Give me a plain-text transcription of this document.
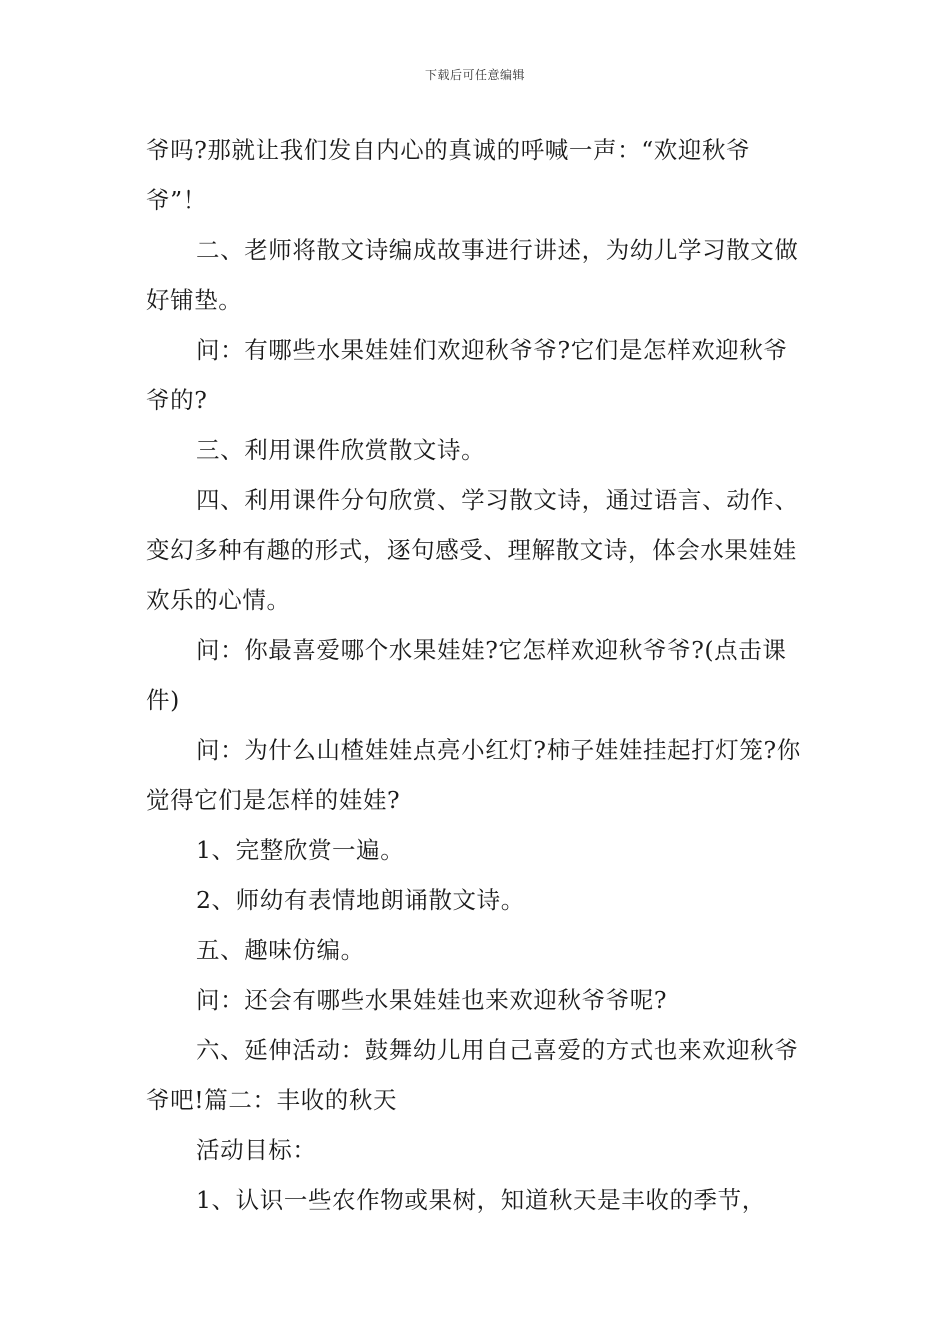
下载后可任意编辑

爷吗?那就让我们发自内心的真诚的呼喊一声：“欢迎秋爷爷”！

二、老师将散文诗编成故事进行讲述，为幼儿学习散文做好铺垫。

问：有哪些水果娃娃们欢迎秋爷爷?它们是怎样欢迎秋爷爷的?

三、利用课件欣赏散文诗。

四、利用课件分句欣赏、学习散文诗，通过语言、动作、变幻多种有趣的形式，逐句感受、理解散文诗，体会水果娃娃欢乐的心情。

问：你最喜爱哪个水果娃娃?它怎样欢迎秋爷爷?(点击课件)

问：为什么山楂娃娃点亮小红灯?柿子娃娃挂起打灯笼?你觉得它们是怎样的娃娃?

1、完整欣赏一遍。

2、师幼有表情地朗诵散文诗。

五、趣味仿编。

问：还会有哪些水果娃娃也来欢迎秋爷爷呢?

六、延伸活动：鼓舞幼儿用自己喜爱的方式也来欢迎秋爷爷吧!篇二：丰收的秋天

活动目标：

1、认识一些农作物或果树，知道秋天是丰收的季节，
